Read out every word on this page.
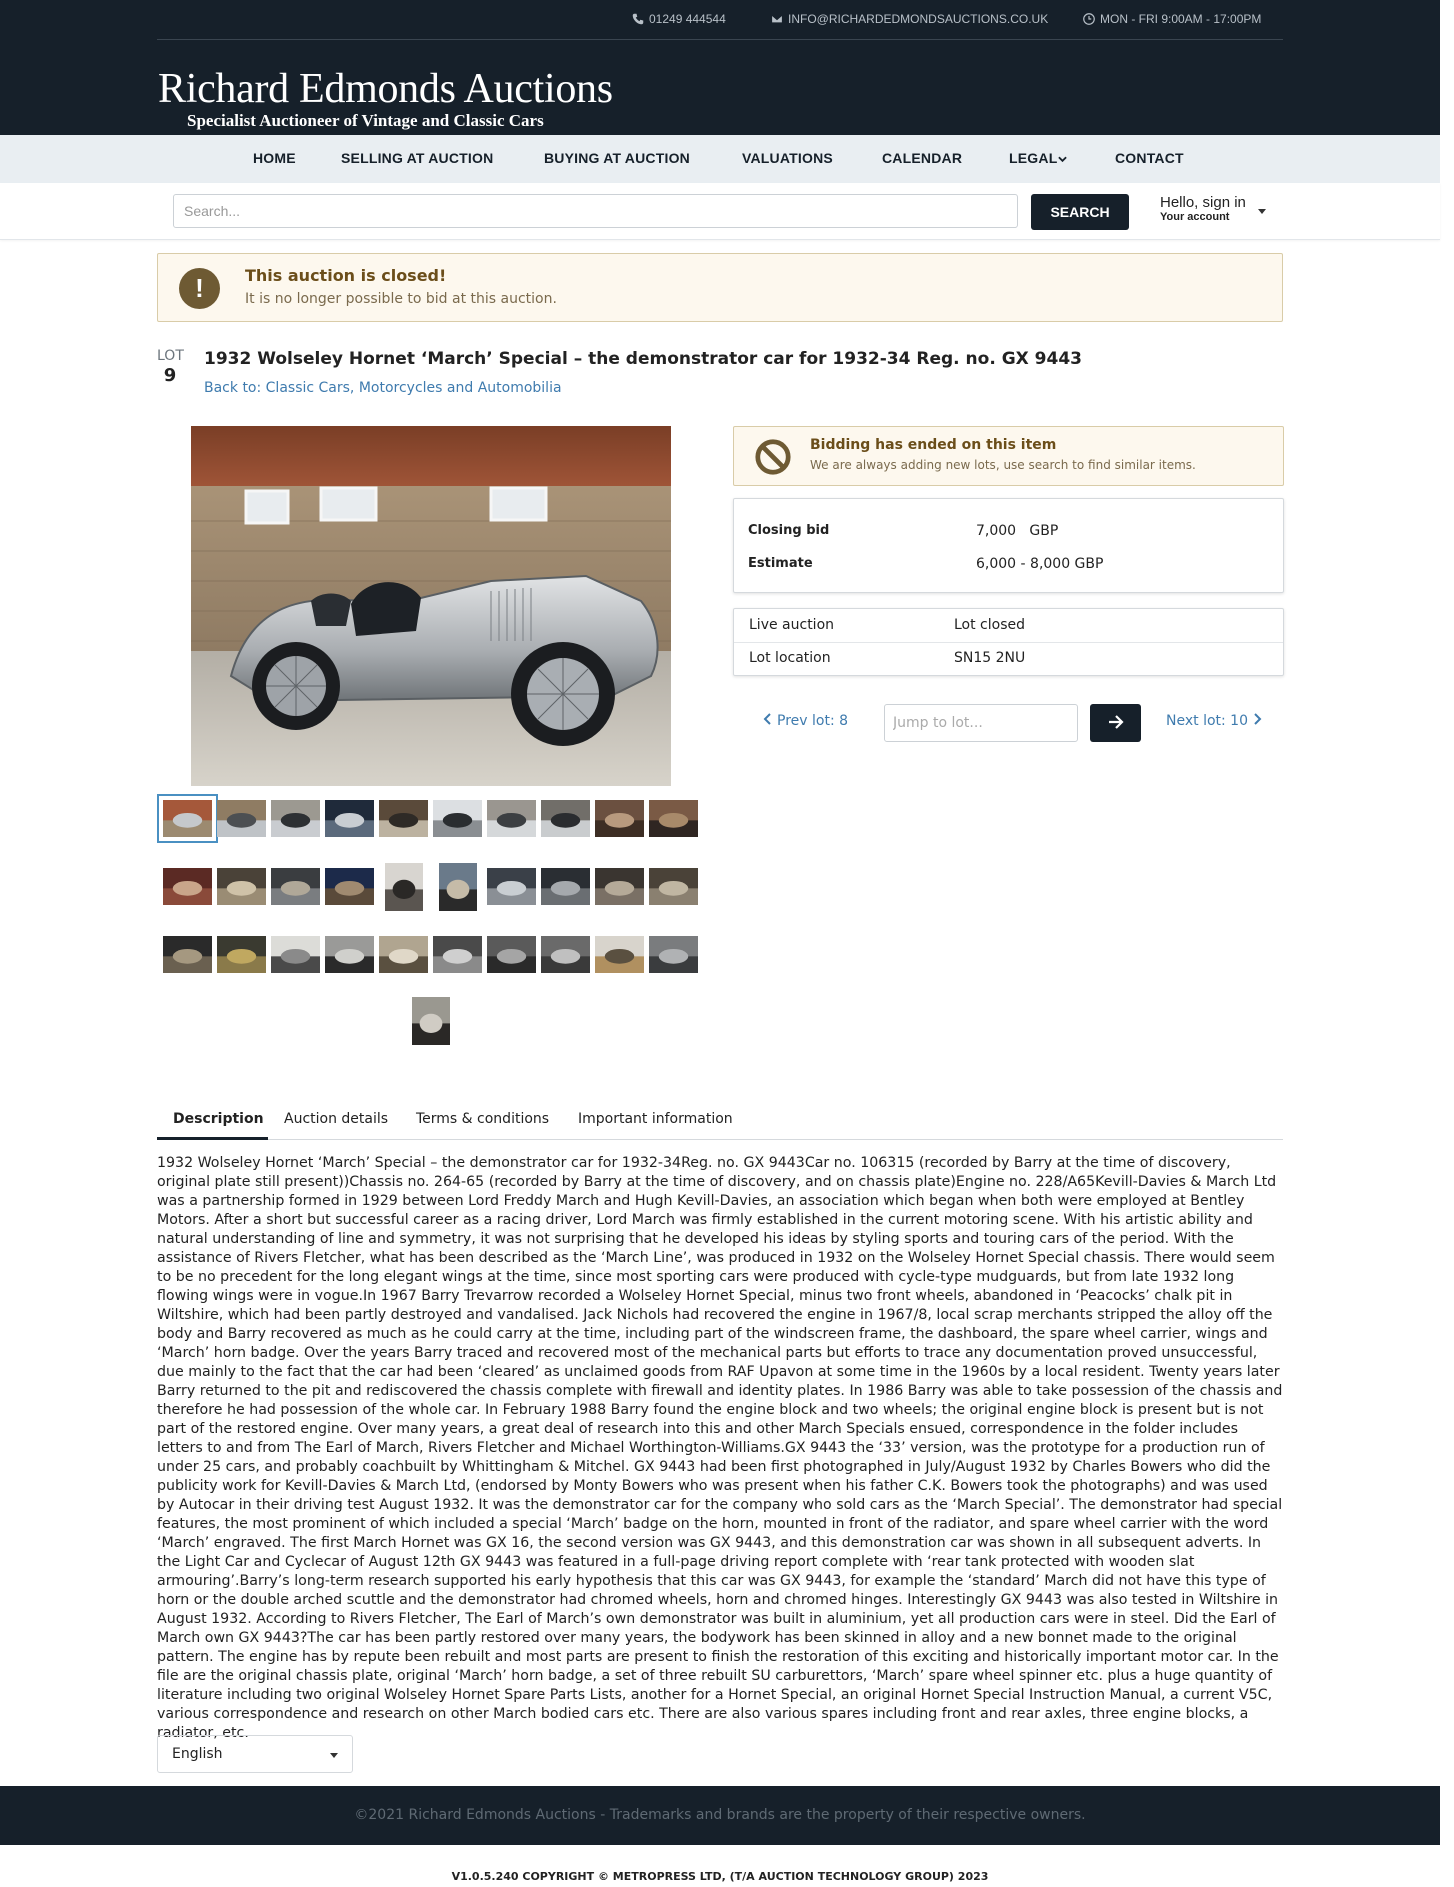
01249 444544	INFO@RICHARDEDMONDSAUCTIONS.CO.UK	MON - FRI 9:00AM - 17:00PM
Richard Edmonds Auctions
Specialist Auctioneer of Vintage and Classic Cars
HOME	SELLING AT AUCTION	BUYING AT AUCTION	VALUATIONS	CALENDAR	LEGAL	CONTACT
Search...
SEARCH
Hello, sign in
Your account
!	This auction is closed!
It is no longer possible to bid at this auction.
LOT
9
1932 Wolseley Hornet ‘March’ Special – the demonstrator car for 1932-34 Reg. no. GX 9443
Back to: Classic Cars, Motorcycles and Automobilia
Bidding has ended on this item
We are always adding new lots, use search to find similar items.
Closing bid	7,000   GBP
Estimate	6,000 - 8,000 GBP
Live auction	Lot closed
Lot location	SN15 2NU
Prev lot: 8
Jump to lot...	Next lot: 10
Description Auction details Terms & conditions Important information
1932 Wolseley Hornet ‘March’ Special – the demonstrator car for 1932-34Reg. no. GX 9443Car no. 106315 (recorded by Barry at the time of discovery, original plate still present))Chassis no. 264-65 (recorded by Barry at the time of discovery, and on chassis plate)Engine no. 228/A65Kevill-Davies & March Ltd was a partnership formed in 1929 between Lord Freddy March and Hugh Kevill-Davies, an association which began when both were employed at Bentley Motors. After a short but successful career as a racing driver, Lord March was firmly established in the current motoring scene. With his artistic ability and natural understanding of line and symmetry, it was not surprising that he developed his ideas by styling sports and touring cars of the period. With the assistance of Rivers Fletcher, what has been described as the ‘March Line’, was produced in 1932 on the Wolseley Hornet Special chassis. There would seem to be no precedent for the long elegant wings at the time, since most sporting cars were produced with cycle-type mudguards, but from late 1932 long flowing wings were in vogue.In 1967 Barry Trevarrow recorded a Wolseley Hornet Special, minus two front wheels, abandoned in ‘Peacocks’ chalk pit in Wiltshire, which had been partly destroyed and vandalised. Jack Nichols had recovered the engine in 1967/8, local scrap merchants stripped the alloy off the body and Barry recovered as much as he could carry at the time, including part of the windscreen frame, the dashboard, the spare wheel carrier, wings and ‘March’ horn badge. Over the years Barry traced and recovered most of the mechanical parts but efforts to trace any documentation proved unsuccessful, due mainly to the fact that the car had been ‘cleared’ as unclaimed goods from RAF Upavon at some time in the 1960s by a local resident. Twenty years later Barry returned to the pit and rediscovered the chassis complete with firewall and identity plates. In 1986 Barry was able to take possession of the chassis and therefore he had possession of the whole car. In February 1988 Barry found the engine block and two wheels; the original engine block is present but is not part of the restored engine. Over many years, a great deal of research into this and other March Specials ensued, correspondence in the folder includes letters to and from The Earl of March, Rivers Fletcher and Michael Worthington-Williams.GX 9443 the ‘33’ version, was the prototype for a production run of under 25 cars, and probably coachbuilt by Whittingham & Mitchel. GX 9443 had been first photographed in July/August 1932 by Charles Bowers who did the publicity work for Kevill-Davies & March Ltd, (endorsed by Monty Bowers who was present when his father C.K. Bowers took the photographs) and was used by Autocar in their driving test August 1932. It was the demonstrator car for the company who sold cars as the ‘March Special’. The demonstrator had special features, the most prominent of which included a special ‘March’ badge on the horn, mounted in front of the radiator, and spare wheel carrier with the word ‘March’ engraved. The first March Hornet was GX 16, the second version was GX 9443, and this demonstration car was shown in all subsequent adverts. In the Light Car and Cyclecar of August 12th GX 9443 was featured in a full-page driving report complete with ‘rear tank protected with wooden slat armouring’.Barry’s long-term research supported his early hypothesis that this car was GX 9443, for example the ‘standard’ March did not have this type of horn or the double arched scuttle and the demonstrator had chromed wheels, horn and chromed hinges. Interestingly GX 9443 was also tested in Wiltshire in August 1932. According to Rivers Fletcher, The Earl of March’s own demonstrator was built in aluminium, yet all production cars were in steel. Did the Earl of March own GX 9443?The car has been partly restored over many years, the bodywork has been skinned in alloy and a new bonnet made to the original pattern. The engine has by repute been rebuilt and most parts are present to finish the restoration of this exciting and historically important motor car. In the file are the original chassis plate, original ‘March’ horn badge, a set of three rebuilt SU carburettors, ‘March’ spare wheel spinner etc. plus a huge quantity of literature including two original Wolseley Hornet Spare Parts Lists, another for a Hornet Special, an original Hornet Special Instruction Manual, a current V5C, various correspondence and research on other March bodied cars etc. There are also various spares including front and rear axles, three engine blocks, a radiator, etc.
English
©2021 Richard Edmonds Auctions - Trademarks and brands are the property of their respective owners.
V1.0.5.240 COPYRIGHT © METROPRESS LTD, (T/A AUCTION TECHNOLOGY GROUP) 2023
